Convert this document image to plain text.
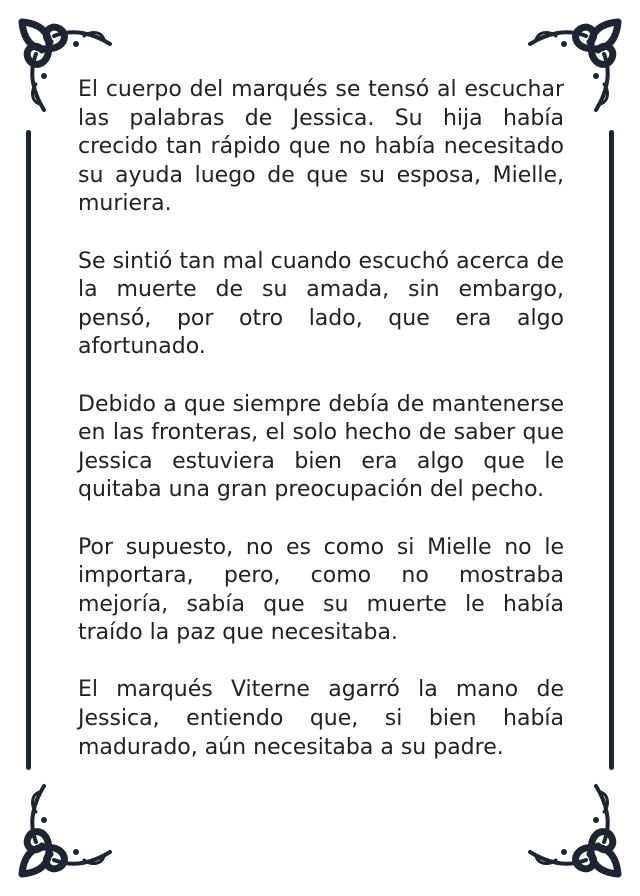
El cuerpo del marqués se tensó al escuchar las palabras de Jessica. Su hija había crecido tan rápido que no había necesitado su ayuda luego de que su esposa, Mielle, muriera.

Se sintió tan mal cuando escuchó acerca de la muerte de su amada, sin embargo, pensó, por otro lado, que era algo afortunado.

Debido a que siempre debía de mantenerse en las fronteras, el solo hecho de saber que Jessica estuviera bien era algo que le quitaba una gran preocupación del pecho.

Por supuesto, no es como si Mielle no le importara, pero, como no mostraba mejoría, sabía que su muerte le había traído la paz que necesitaba.

El marqués Viterne agarró la mano de Jessica, entiendo que, si bien había madurado, aún necesitaba a su padre.
